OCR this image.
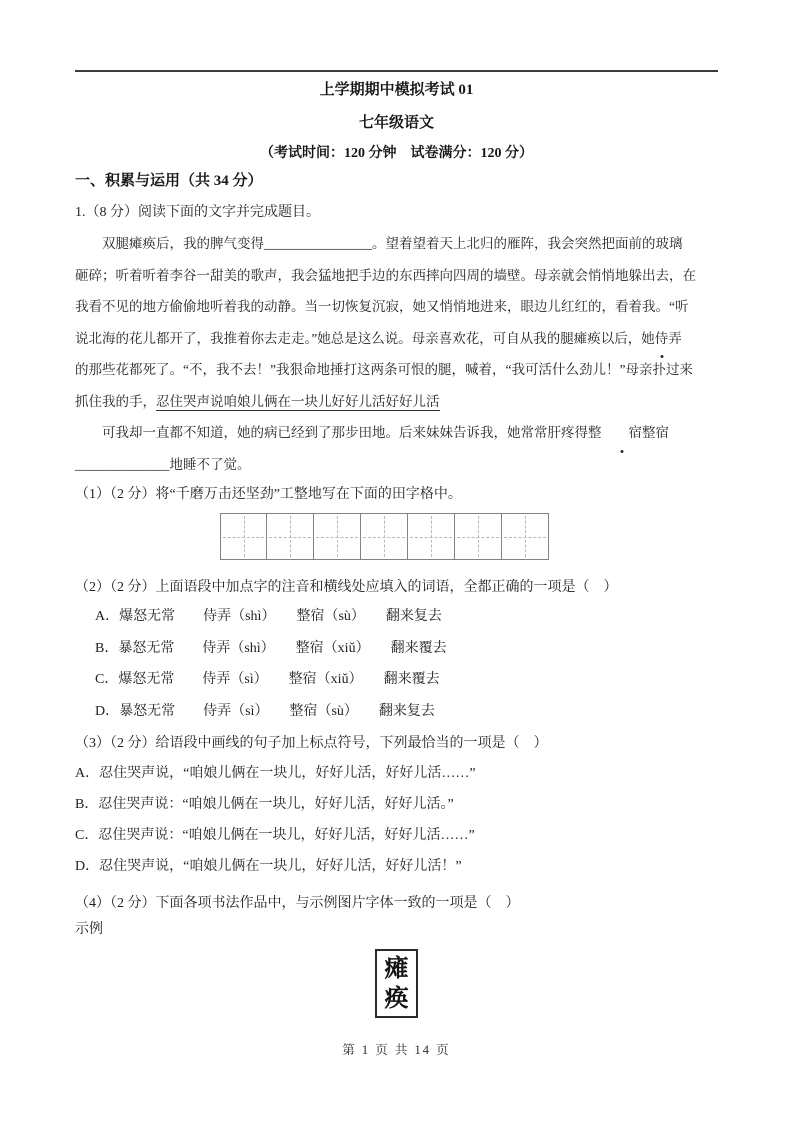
上学期期中模拟考试 01
七年级语文
（考试时间：120 分钟　试卷满分：120 分）
一、积累与运用（共 34 分）
1.（8 分）阅读下面的文字并完成题目。
双腿瘫痪后，我的脾气变得________________。望着望着天上北归的雁阵，我会突然把面前的玻璃
砸碎；听着听着李谷一甜美的歌声，我会猛地把手边的东西摔向四周的墙壁。母亲就会悄悄地躲出去，在
我看不见的地方偷偷地听着我的动静。当一切恢复沉寂，她又悄悄地进来，眼边儿红红的，看着我。“听
说北海的花儿都开了，我推着你去走走。”她总是这么说。母亲喜欢花，可自从我的腿瘫痪以后，她侍弄
的那些花都死了。“不，我不去！”我狠命地捶打这两条可恨的腿，喊着，“我可活什么劲儿！”母亲扑过来
抓住我的手，忍住哭声说咱娘儿俩在一块儿好好儿活好好儿活
可我却一直都不知道，她的病已经到了那步田地。后来妹妹告诉我，她常常肝疼得整 宿整宿
______________地睡不了觉。
（1）（2 分）将“千磨万击还坚劲”工整地写在下面的田字格中。
（2）（2 分）上面语段中加点字的注音和横线处应填入的词语，全都正确的一项是（　）
A．爆怒无常　　侍弄（shì）　　整宿（sù）　　翻来复去
B．暴怒无常　　侍弄（shì）　　整宿（xiǔ）　　翻来覆去
C．爆怒无常　　侍弄（sì）　　整宿（xiǔ）　　翻来覆去
D．暴怒无常　　侍弄（sì）　　整宿（sù）　　翻来复去
（3）（2 分）给语段中画线的句子加上标点符号，下列最恰当的一项是（　）
A．忍住哭声说，“咱娘儿俩在一块儿，好好儿活，好好儿活……”
B．忍住哭声说：“咱娘儿俩在一块儿，好好儿活，好好儿活。”
C．忍住哭声说：“咱娘儿俩在一块儿，好好儿活，好好儿活……”
D．忍住哭声说，“咱娘儿俩在一块儿，好好儿活，好好儿活！”
（4）（2 分）下面各项书法作品中，与示例图片字体一致的一项是（　）
示例
瘫
痪
第 1 页 共 14 页
